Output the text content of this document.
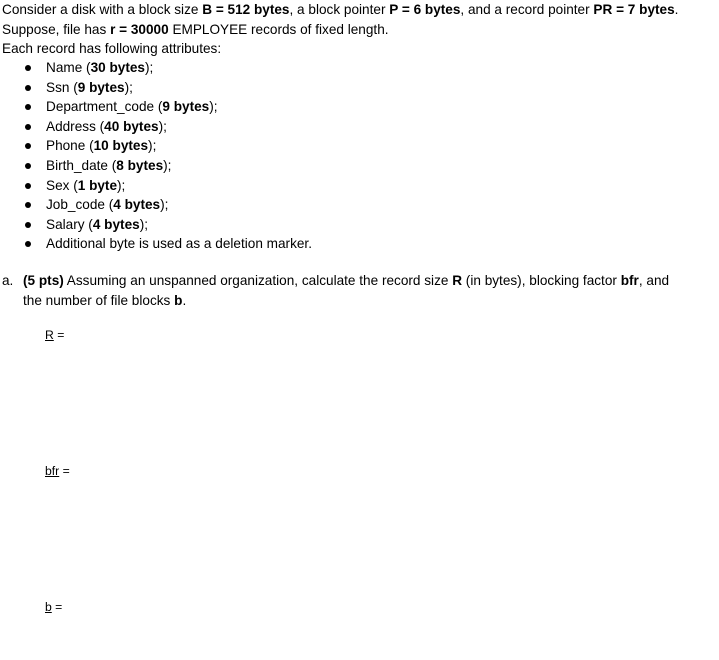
Consider a disk with a block size B = 512 bytes, a block pointer P = 6 bytes, and a record pointer PR = 7 bytes.
Suppose, file has r = 30000 EMPLOYEE records of fixed length.
Each record has following attributes:
Name (30 bytes);
Ssn (9 bytes);
Department_code (9 bytes);
Address (40 bytes);
Phone (10 bytes);
Birth_date (8 bytes);
Sex (1 byte);
Job_code (4 bytes);
Salary (4 bytes);
Additional byte is used as a deletion marker.
a. (5 pts) Assuming an unspanned organization, calculate the record size R (in bytes), blocking factor bfr, and
the number of file blocks b.
R =
bfr =
b =
